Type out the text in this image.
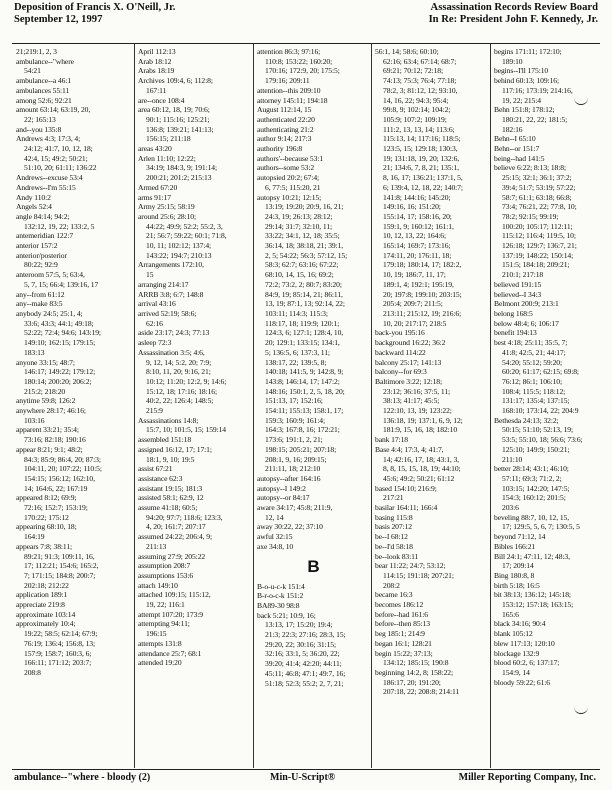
Deposition of Francis X. O'Neill, Jr.
September 12, 1997
Assassination Records Review Board
In Re: President John F. Kennedy, Jr.
21;219:1, 2, 3
ambulance--"where
54:21
ambulance--a 46:1
ambulances 55:11
among 52:6; 92:21
amount 63:14; 63:19, 20,
22; 165:13
and--you 135:8
Andrews 4:3; 17:3, 4;
24:12; 41:7, 10, 12, 18;
42:4, 15; 49:2; 50:21;
51:10, 20; 61:11; 136:22
Andrews--excuse 53:4
Andrews--I'm 55:15
Andy 110:2
Angels 52:4
angle 84:14; 94:2;
132:12, 19, 22; 133:2, 5
antemeridian 122:7
anterior 157:2
anterior/posterior
80:22; 92:9
anteroom 57:5, 5; 63:4,
5, 7, 15; 66:4; 139:16, 17
any--from 61:12
any--make 83:5
anybody 24:5; 25:1, 4;
33:6; 43:3; 44:1; 49:18;
52:22; 72:4; 94:6; 143:19;
149:10; 162:15; 179:15;
183:13
anyone 33:15; 48:7;
146:17; 149:22; 179:12;
180:14; 200:20; 206:2;
215:2; 218:20
anytime 59:8; 126:2
anywhere 28:17; 46:16;
103:16
apparent 33:21; 35:4;
73:16; 82:18; 190:16
appear 8:21; 9:1; 48:2;
84:3; 85:9; 86:4, 20; 87:3;
104:11, 20; 107:22; 110:5;
154:15; 156:12; 162:10,
14; 164:6, 22; 167:19
appeared 8:12; 69:9;
72:16; 152:7; 153:19;
170:22; 175:12
appearing 68:10, 18;
164:19
appears 7:8; 38:11;
89:21; 91:3; 109:11, 16,
17; 112:21; 154:6; 165:2,
7; 171:15; 184:8; 200:7;
202:18; 212:22
application 189:1
appreciate 219:8
approximate 103:14
approximately 10:4;
19:22; 58:5; 62:14; 67:9;
76:19; 136:4; 156:8, 13;
157:9; 158:7; 160:3, 6;
166:11; 171:12; 203:7;
208:8
April 112:13
Arab 18:12
Arabs 18:19
Archives 109:4, 6; 112:8;
167:11
are--once 108:4
area 60:12, 18, 19; 70:6;
90:1; 115:16; 125:21;
136:8; 139:21; 141:13;
156:15; 211:18
areas 43:20
Arlen 11:10; 12:22;
34:19; 184:3, 9; 191:14;
200:21; 201:2; 215:13
Armed 67:20
arms 91:17
Army 25:15; 58:19
around 25:6; 28:10;
44:22; 49:9; 52:2; 55:2, 3,
21; 56:7; 59:22; 60:1; 71:8,
10, 11; 102:12; 137:4;
143:22; 194:7; 210:13
Arrangements 172:10,
15
arranging 214:17
ARRB 3:8; 6:7; 148:8
arrival 43:16
arrived 52:19; 58:6;
62:16
aside 23:17; 24:3; 77:13
asleep 72:3
Assassination 3:5; 4:6,
9, 12, 14; 5:2, 20; 7:9;
8:10, 11, 20; 9:16, 21;
10:12; 11:20; 12:2, 9; 14:6;
15:12, 18; 17:16; 18:16;
40:2, 22; 126:4; 148:5;
215:9
Assassinations 14:8;
15:7, 10; 101:5, 15; 159:14
assembled 151:18
assigned 16:12, 17; 17:1;
18:1, 9, 10; 19:5
assist 67:21
assistance 62:3
assistant 19:15; 181:3
assisted 58:1; 62:9, 12
assume 41:18; 60:5;
94:20; 97:7; 118:6; 123:3,
4, 20; 161:7; 207:17
assumed 24:22; 206:4, 9;
211:13
assuming 27:9; 205:22
assumption 208:7
assumptions 153:6
attach 149:10
attached 109:15; 115:12,
19, 22; 116:1
attempt 107:20; 173:9
attempting 94:11;
196:15
attempts 131:8
attendance 25:7; 68:1
attended 19:20
attention 86:3; 97:16;
110:8; 153:22; 160:20;
170:16; 172:9, 20; 175:5;
179:16; 209:11
attention--this 209:10
attorney 145:11; 194:18
August 112:14, 15
authenticated 22:20
authenticating 21:2
author 9:14; 217:3
authority 196:8
authors'--because 53:1
authors--some 53:2
autopsied 20:2; 67:4;
6, 77:5; 115:20, 21
autopsy 10:21; 12:15;
13:19; 19:20; 20:9, 16, 21;
24:3, 19; 26:13; 28:12;
29:14; 31:7; 32:10, 11;
33:22; 34:1, 12, 18; 35:5;
36:14, 18; 38:18, 21; 39:1,
2, 5; 54:22; 56:3; 57:12, 15;
58:3; 62:7; 63:16; 67:22;
68:10, 14, 15, 16; 69:2;
72:2; 73:2, 2; 80:7; 83:20;
84:9, 19; 85:14, 21; 86:11,
13, 19; 87:1, 13; 92:14, 22;
103:11; 114:3; 115:3;
118:17, 18; 119:9; 120:1;
124:3, 6; 127:1; 128:4, 10,
20; 129:1; 133:15; 134:1,
5; 136:5, 6; 137:3, 11;
138:17, 22; 139:5, 8;
140:18; 141:5, 9; 142:8, 9;
143:8; 146:14, 17; 147:2;
148:16; 150:1, 2, 5, 18, 20;
151:13, 17; 152:16;
154:11; 155:13; 158:1, 17;
159:3; 160:9; 161:4;
164:3; 167:8, 16; 172:21;
173:6; 191:1, 2, 21;
198:15; 205:21; 207:18;
208:1, 9, 16; 209:15;
211:11, 18; 212:10
autopsy--after 164:16
autopsy--I 149:2
autopsy--or 84:17
aware 34:17; 45:8; 211:9,
12, 14
away 30:22, 22; 37:10
awful 32:15
axe 34:8, 10
B
B-o-u-c-k 151:4
B-r-o-c-k 151:2
BA89-30 98:8
back 5:21; 10:9, 16;
13:13, 17; 15:20; 19:4;
21:3; 22:3; 27:16; 28:3, 15;
29:20, 22; 30:16; 31:15;
32:16; 33:1, 5; 36:20, 22;
39:20; 41:4; 42:20; 44:11;
45:11; 46:8; 47:1; 49:7, 16;
51:18; 52:3; 55:2; 2, 7, 21;
56:1, 14; 58:6; 60:10;
62:16; 63:4; 67:14; 68:7;
69:21; 70:12; 72:18;
74:13; 75:3; 76:4; 77:18;
78:2, 3; 81:12, 12; 93:10,
14, 16, 22; 94:3; 95:4;
99:8, 9; 102:14; 104:2;
105:9; 107:2; 109:19;
111:2, 13, 13, 14; 113:6;
115:13, 14; 117:16; 118:5;
123:5, 15; 129:18; 130:3,
19; 131:18, 19, 20; 132:6,
21; 134:6, 7, 8, 21; 135:1,
8, 16, 17; 136:21; 137:1, 5,
6; 139:4, 12, 18, 22; 140:7;
141:8; 144:16; 145:20;
149:16, 16; 151:20;
155:14, 17; 158:16, 20;
159:1, 9; 160:12; 161:1,
10, 12, 13, 22; 164:6;
165:14; 169:7; 173:16;
174:11, 20; 176:11, 18;
179:18; 180:14, 17; 182:2,
10, 19; 186:7, 11, 17;
189:1, 4; 192:1; 195:19,
20; 197:8; 199:10; 203:15;
205:4; 209:7; 211:5;
213:11; 215:12, 19; 216:6;
10, 20; 217:17; 218:5
back-you 195:16
background 16:22; 36:2
backward 114:22
balcony 25:17; 141:13
balcony--for 69:3
Baltimore 3:22; 12:18;
23:12; 36:16; 37:5, 11;
38:13; 41:17; 45:5;
122:10, 13, 19; 123:22;
136:18, 19; 137:1, 6, 9, 12;
181:9, 15, 16, 18; 182:10
bank 17:18
Base 4:4; 17:3, 4; 41:7,
14; 42:16, 17, 18; 43:1, 3,
8, 8, 15, 15, 18, 19; 44:10;
45:6; 49:2; 50:21; 61:12
based 154:10; 216:9;
217:21
basilar 164:11; 166:4
basing 115:8
basis 207:12
be--I 68:12
be--I'd 58:18
be--look 83:11
bear 11:22; 24:7; 53:12;
114:15; 191:18; 207:21;
208:2
became 16:3
becomes 186:12
before--had 161:6
before--then 85:13
beg 185:1; 214:9
began 16:1; 128:21
begin 15:22; 37:13;
134:12; 185:15; 190:8
beginning 14:2, 8; 158:22;
186:17, 20; 191:20;
207:18, 22; 208:8; 214:11
begins 171:11; 172:10;
189:10
begins--I'll 175:10
behind 60:13; 109:16;
117:16; 173:19; 214:16,
19, 22; 215:4
Behn 151:8; 178:12;
180:21, 22, 22; 181:5;
182:16
Behn--I 65:10
Behn--or 151:7
being--had 141:5
believe 6:22; 8:13; 18:8;
25:15; 32:1; 36:1; 37:2;
39:4; 51:7; 53:19; 57:22;
58:7; 61:1; 63:18; 66:8;
73:4; 76:21, 22; 77:8, 10;
78:2; 92:15; 99:19;
100:20; 105:17; 112:11;
115:12; 116:4; 119:5, 10;
126:18; 129:7; 136:7, 21;
137:19; 148:22; 150:14;
151:5; 184:18; 209:21;
210:1; 217:18
believed 191:15
believed--I 34:3
Belmont 200:9; 213:1
belong 168:5
below 48:4; 6; 106:17
benefit 194:13
best 4:18; 25:11; 35:5, 7;
41:8; 42:5, 21; 44:17;
54:20; 55:12; 59:20;
60:20; 61:17; 62:15; 69:8;
76:12; 86:1; 106:10;
108:4; 115:5; 118:12;
131:17; 135:4; 137:15;
168:10; 173:14, 22; 204:9
Bethesda 24:13; 32:2;
50:15; 51:10; 52:13, 19;
53:5; 55:10, 18; 56:6; 73:6;
125:10; 149:9; 150:21;
211:10
better 28:14; 43:1; 46:10;
57:11; 69:3; 71:2, 2;
103:15; 142:20; 147:5;
154:3; 160:12; 201:5;
203:6
beveling 88:7, 10, 12, 15,
17; 129:5, 5, 6, 7; 130:5, 5
beyond 71:12, 14
Bibles 166:21
Bill 24:1; 47:11, 12; 48:3,
17; 209:14
Bing 180:8, 8
birth 5:18; 16:5
bit 38:13; 136:12; 145:18;
153:12; 157:18; 163:15;
165:6
black 34:16; 90:4
blank 105:12
blew 117:13; 120:10
blockage 132:9
blood 60:2, 6; 137:17;
154:9, 14
bloody 59:22; 61:6
ambulance--"where - bloody (2)	Min-U-Script®	Miller Reporting Company, Inc.
